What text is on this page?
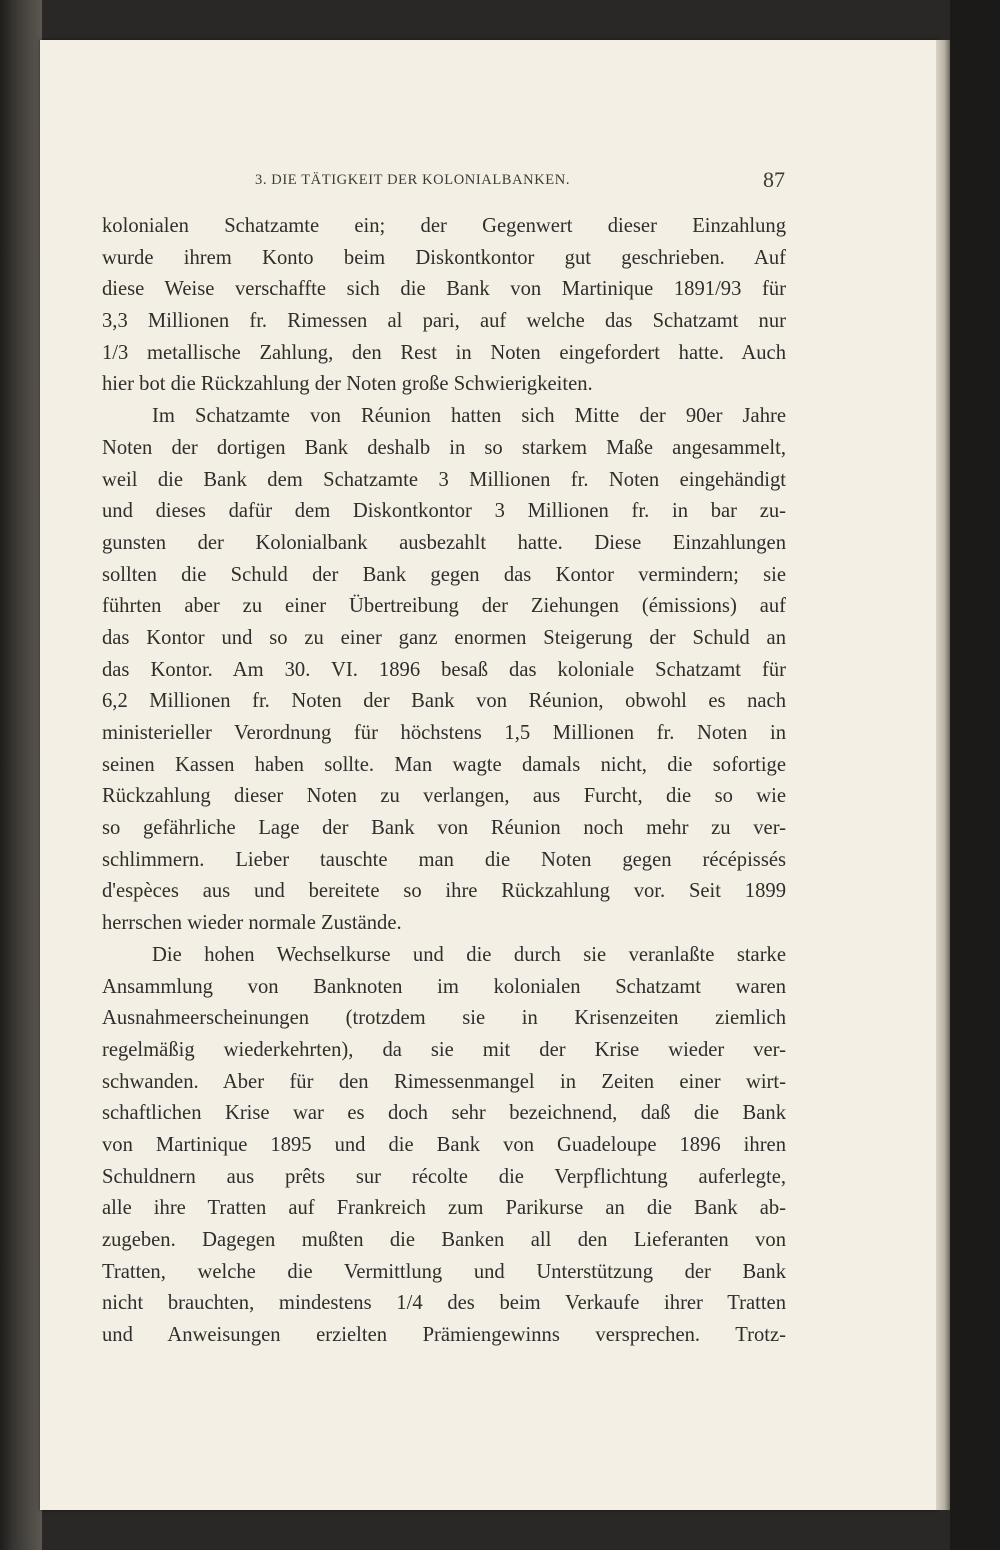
3. DIE TÄTIGKEIT DER KOLONIALBANKEN.	87
kolonialen Schatzamte ein; der Gegenwert dieser Einzahlung
wurde ihrem Konto beim Diskontkontor gut geschrieben. Auf
diese Weise verschaffte sich die Bank von Martinique 1891/93 für
3,3 Millionen fr. Rimessen al pari, auf welche das Schatzamt nur
1/3 metallische Zahlung, den Rest in Noten eingefordert hatte. Auch
hier bot die Rückzahlung der Noten große Schwierigkeiten.
Im Schatzamte von Réunion hatten sich Mitte der 90er Jahre
Noten der dortigen Bank deshalb in so starkem Maße angesammelt,
weil die Bank dem Schatzamte 3 Millionen fr. Noten eingehändigt
und dieses dafür dem Diskontkontor 3 Millionen fr. in bar zu-
gunsten der Kolonialbank ausbezahlt hatte. Diese Einzahlungen
sollten die Schuld der Bank gegen das Kontor vermindern; sie
führten aber zu einer Übertreibung der Ziehungen (émissions) auf
das Kontor und so zu einer ganz enormen Steigerung der Schuld an
das Kontor. Am 30. VI. 1896 besaß das koloniale Schatzamt für
6,2 Millionen fr. Noten der Bank von Réunion, obwohl es nach
ministerieller Verordnung für höchstens 1,5 Millionen fr. Noten in
seinen Kassen haben sollte. Man wagte damals nicht, die sofortige
Rückzahlung dieser Noten zu verlangen, aus Furcht, die so wie
so gefährliche Lage der Bank von Réunion noch mehr zu ver-
schlimmern. Lieber tauschte man die Noten gegen récépissés
d'espèces aus und bereitete so ihre Rückzahlung vor. Seit 1899
herrschen wieder normale Zustände.
Die hohen Wechselkurse und die durch sie veranlaßte starke
Ansammlung von Banknoten im kolonialen Schatzamt waren
Ausnahmeerscheinungen (trotzdem sie in Krisenzeiten ziemlich
regelmäßig wiederkehrten), da sie mit der Krise wieder ver-
schwanden. Aber für den Rimessenmangel in Zeiten einer wirt-
schaftlichen Krise war es doch sehr bezeichnend, daß die Bank
von Martinique 1895 und die Bank von Guadeloupe 1896 ihren
Schuldnern aus prêts sur récolte die Verpflichtung auferlegte,
alle ihre Tratten auf Frankreich zum Parikurse an die Bank ab-
zugeben. Dagegen mußten die Banken all den Lieferanten von
Tratten, welche die Vermittlung und Unterstützung der Bank
nicht brauchten, mindestens 1/4 des beim Verkaufe ihrer Tratten
und Anweisungen erzielten Prämiengewinns versprechen. Trotz-
